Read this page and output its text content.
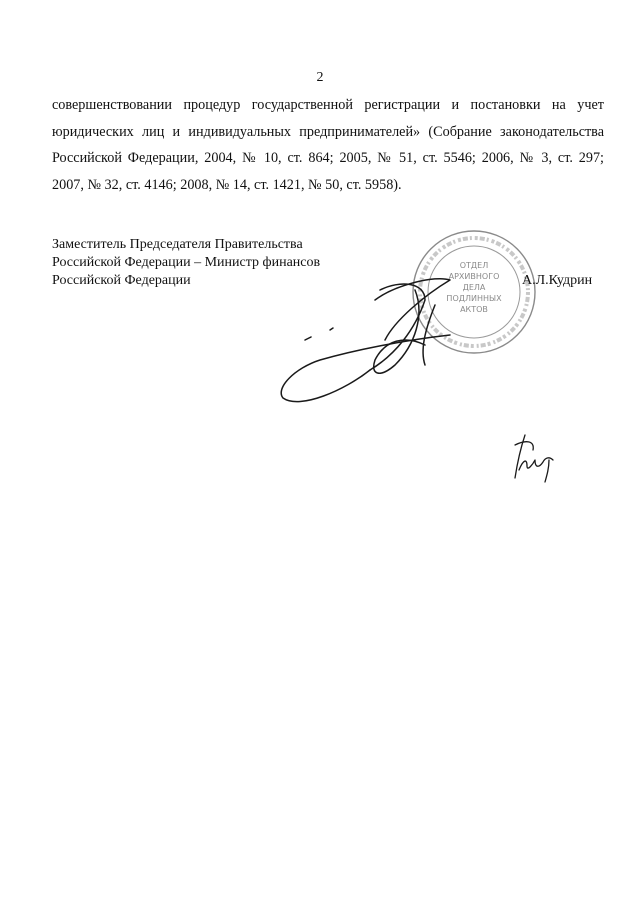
2
совершенствовании процедур государственной регистрации и постановки на учет
юридических лиц и индивидуальных предпринимателей» (Собрание законодательства
Российской Федерации, 2004, № 10, ст. 864; 2005, № 51, ст. 5546; 2006, № 3, ст. 297;
2007, № 32, ст. 4146; 2008, № 14, ст. 1421, № 50, ст. 5958).
Заместитель Председателя Правительства
Российской Федерации – Министр финансов
Российской Федерации
ОТДЕЛ
АРХИВНОГО
ДЕЛА
ПОДЛИННЫХ
АКТОВ
А.Л.Кудрин
